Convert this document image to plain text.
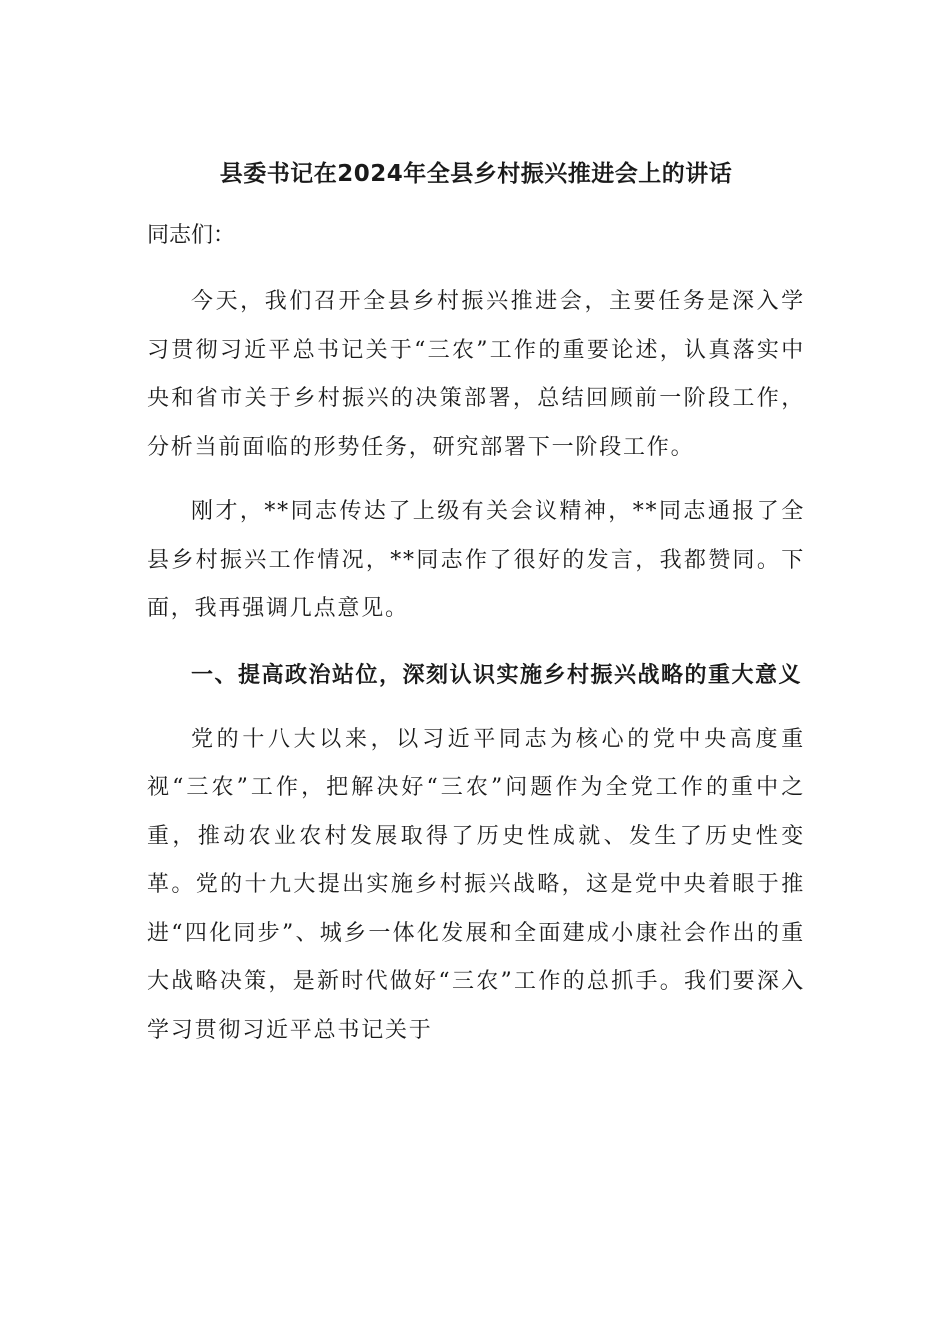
县委书记在2024年全县乡村振兴推进会上的讲话

同志们：

今天，我们召开全县乡村振兴推进会，主要任务是深入学习贯彻习近平总书记关于“三农”工作的重要论述，认真落实中央和省市关于乡村振兴的决策部署，总结回顾前一阶段工作，分析当前面临的形势任务，研究部署下一阶段工作。

刚才，**同志传达了上级有关会议精神，**同志通报了全县乡村振兴工作情况，**同志作了很好的发言，我都赞同。下面，我再强调几点意见。

一、提高政治站位，深刻认识实施乡村振兴战略的重大意义

党的十八大以来，以习近平同志为核心的党中央高度重视“三农”工作，把解决好“三农”问题作为全党工作的重中之重，推动农业农村发展取得了历史性成就、发生了历史性变革。党的十九大提出实施乡村振兴战略，这是党中央着眼于推进“四化同步”、城乡一体化发展和全面建成小康社会作出的重大战略决策，是新时代做好“三农”工作的总抓手。我们要深入学习贯彻习近平总书记关于
